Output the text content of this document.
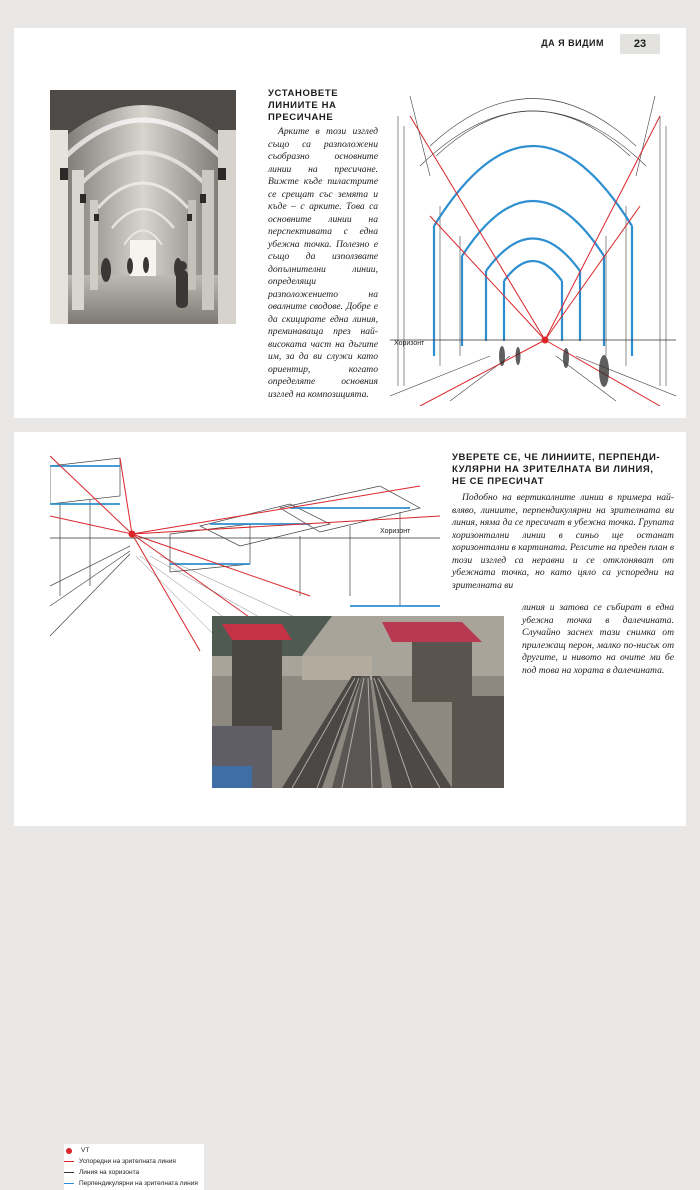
ДА Я ВИДИМ	23
УСТАНОВЕТЕ
ЛИНИИТЕ НА
ПРЕСИЧАНЕ
Арките в този изглед също са разположени съобразно основните линии на пресичане. Вижте къде пиластрите се срещат със земята и къде – с арките. Това са основните линии на перспективата с една убежна точка. Полезно е също да използвате допълнителни линии, определящи разположението на овалните сводове. Добре е да скицирате една линия, преминаваща през най-високата част на дъгите им, за да ви служи като ориентир, когато определяте основния изглед на композицията.
Хоризонт
Хоризонт
УВЕРЕТЕ СЕ, ЧЕ ЛИНИИТЕ, ПЕРПЕНДИ-
КУЛЯРНИ НА ЗРИТЕЛНАТА ВИ ЛИНИЯ,
НЕ СЕ ПРЕСИЧАТ
Подобно на вертикалните линии в примера най-вляво, линиите, перпендикулярни на зрителната ви линия, няма да се пресичат в убежна точка. Групата хоризонтални линии в синьо ще останат хоризонтални в картината. Релсите на преден план в този изглед са неравни и се отклоняват от убежната точка, но като цяло са успоредни на зрителната ви
линия и затова се събират в една убежна точка в далечината. Случайно заснех тази снимка от прилежащ перон, малко по-нисък от другите, и нивото на очите ми бе под това на хората в далечината.
VT
Успоредни на зрителната линия
Линия на хоризонта
Перпендикулярни на зрителната линия
